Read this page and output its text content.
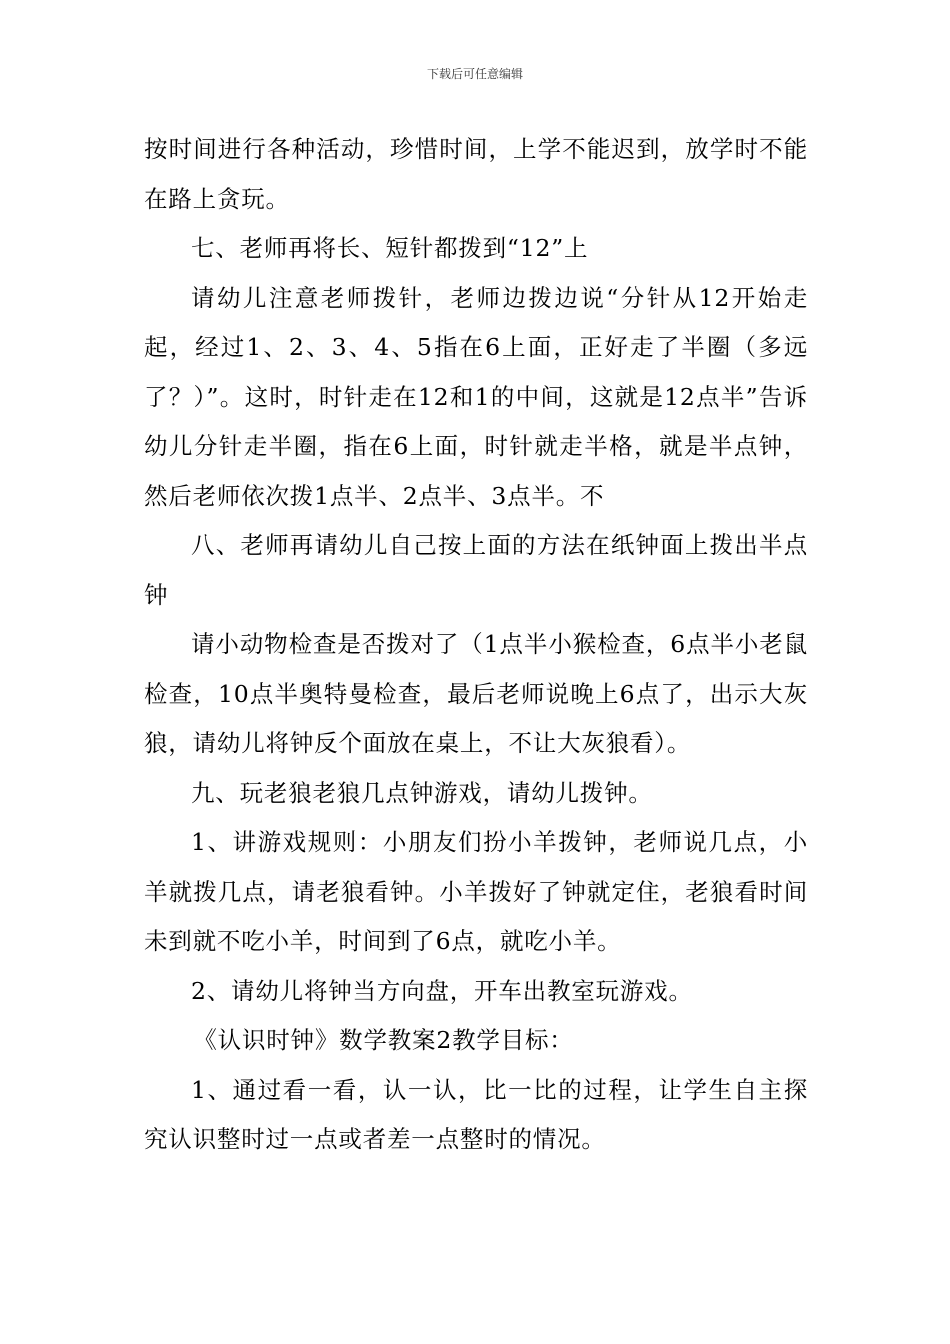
下载后可任意编辑

按时间进行各种活动，珍惜时间，上学不能迟到，放学时不能在路上贪玩。

七、老师再将长、短针都拨到“12”上

请幼儿注意老师拨针，老师边拨边说“分针从12开始走起，经过1、2、3、4、5指在6上面，正好走了半圈（多远了？）”。这时，时针走在12和1的中间，这就是12点半”告诉幼儿分针走半圈，指在6上面，时针就走半格，就是半点钟，然后老师依次拨1点半、2点半、3点半。不

八、老师再请幼儿自己按上面的方法在纸钟面上拨出半点钟

请小动物检查是否拨对了（1点半小猴检查，6点半小老鼠检查，10点半奥特曼检查，最后老师说晚上6点了，出示大灰狼，请幼儿将钟反个面放在桌上，不让大灰狼看）。

九、玩老狼老狼几点钟游戏，请幼儿拨钟。

1、讲游戏规则：小朋友们扮小羊拨钟，老师说几点，小羊就拨几点，请老狼看钟。小羊拨好了钟就定住，老狼看时间未到就不吃小羊，时间到了6点，就吃小羊。

2、请幼儿将钟当方向盘，开车出教室玩游戏。

《认识时钟》数学教案2教学目标：

1、通过看一看，认一认，比一比的过程，让学生自主探究认识整时过一点或者差一点整时的情况。
